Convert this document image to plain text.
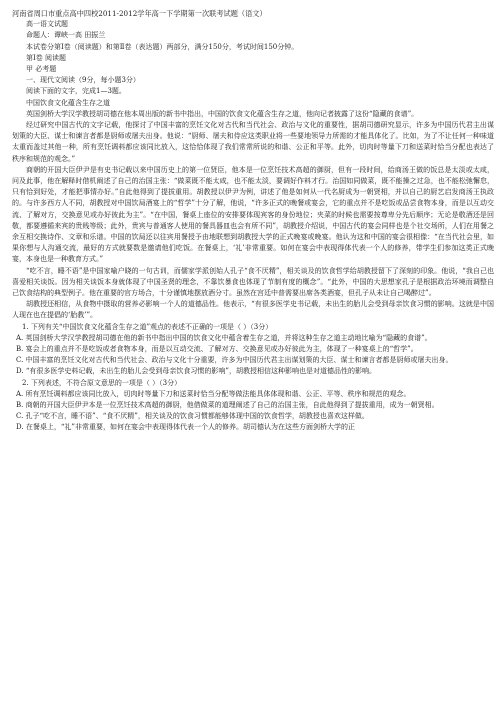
河南省周口市重点高中四校2011-2012学年高一下学期第一次联考试题（语文）
高一语文试题
命题人：谭峡一高 田振兰
本试卷分第Ⅰ卷（阅读题）和第Ⅱ卷（表达题）两部分，满分150分，考试时间150分钟。
第Ⅰ卷 阅读题
甲 必考题
一、现代文阅读（9分，每小题3分）
阅读下面的文字，完成1—3题。
中国饮食文化蕴含生存之道
英国剑桥大学汉学教授胡司德在他本周出版的新书中指出，中国的饮食文化蕴含生存之道，他向记者披露了这份“隐藏的食谱”。
经过研究中国古代的文字记载，他探讨了中国丰富的烹饪文化对古代和当代社会、政治与文化的重要性，据胡司德研究显示，许多为中国历代君主出谋划策的大臣、谋士和谏言者都是厨师或屠夫出身。他说：“厨师、屠夫和侍应这类职业将一些要地领导力所需的才能具体化了。比如，为了不让任何一种味道太重而盖过其他一种，所有烹饪调料都应该同比放入，这恰恰体现了我们常常所说的和谐、公正和平等。此外，切肉时等量下刀和送菜时恰当分配也表达了秩序和规范的观念。”
商朝的开国大臣伊尹是有史书记载以来中国历史上的第一位贤臣，他本是一位烹饪技术高超的御厨，但有一段时间，给商汤王做的饭总是太淡或太咸，问及此事，他在解释时借机阐述了自己的治国主张：“做菜既不能太咸，也不能太淡，要调好作料才行。治国如同做菜，既不能操之过急，也不能松弛懈怠，只有恰到好处，才能把事情办好。”自此他得到了提拔重用。胡教授以伊尹为例，讲述了他是如何从一代名厨成为一朝贤相，并以自己的厨艺启发商汤王执政的。与许多西方人不同，胡教授对中国饮局酒宴上的“哲学”十分了解，他说，“许多正式的晚餐或宴会，它的重点并不是吃饭或品尝食物本身，而是以互动交流、了解对方，交换意见或办好彼此为主”。“在中国，餐桌上座位的安排要体现宾客的身份地位；夹菜的时候也需要按尊卑分先后顺序；无论是敬酒还是回敬，都要遵循来宾的贵贱等级；此外，贵宾与普通客人使用的餐具器皿也会有所不同”，胡教授介绍说，中国古代的宴会同样也是个社交场所，人们在用餐之余互相交换诗作、文章和乐谱。中国的饮局还以往宾用餐授予由地联想到胡教授大学的正式晚宴或晚宴。他认为这和中国的宴会很相像：“在当代社会里，如果你想与人沟通交流，最好的方式就要数是邀请他们吃饭。在餐桌上，‘礼’非常重要。如何在宴会中表现得体代表一个人的修养，带学生们参加这类正式晚宴，本身也是一种教育方式。”
“吃不言，睡不语”是中国家喻户晓的一句古训，而儒家学派创始人孔子“食不厌精”，相关谈及的饮食哲学给胡教授留下了深刻的印象。他说，“我自己也喜爱相关谈饭。因为相关谈饭本身就体现了中国圣贤的理念，不靠饮暴食也体现了节制有度的概念”。“此外，中国的大思想家孔子是根据政治环境而调整自己饮食结构的典型例子。他在重要的官方场合，十分谨慎地摆放酒分寸。虽然在宫廷中普需要出席各类酒宴，但孔子从未让自己喝醉过”。
胡教授还相信，从食物中摄取的营养必影响一个人的道德品性。他表示，“有很多医学史书记载，未出生的胎儿会受到母亲饮食习惯的影响。这就是中国人现在也在提倡的‘胎教’”。
1. 下列有关“中国饮食文化蕴含生存之道”观点的表述不正确的一项是（ ）（3分）
A. 英国剑桥大学汉学教授胡司德在他的新书中指出中国的饮食文化中蕴含着生存之道，并将这种生存之道主动地比喻为“隐藏的食谱”。
B. 宴会上的重点并不是吃饭或者食物本身，而是以互动交流、了解对方、交换意见或办好彼此为主，体现了一种宴桌上的“哲学”。
C. 中国丰富的烹饪文化对古代和当代社会、政治与文化十分重要，许多为中国历代君主出谋划策的大臣、谋士和谏言者都是厨师或屠夫出身。
D. “有很多医学史料记载，未出生的胎儿会受到母亲饮食习惯的影响”，胡教授相信这种影响也是对道德品性的影响。
2. 下列表述，不符合原文意思的一项是（ ）（3分）
A. 所有烹饪调料都应该同比放入，切肉时等量下刀和送菜时恰当分配等做法能具体体现和谐、公正、平等、秩序和规范的观念。
B. 商朝的开国大臣伊尹本是一位烹饪技术高超的御厨，他借做菜的道理阐述了自己的治国主张，自此他得到了提拔重用，成为一朝贤相。
C. 孔子“吃不言，睡不语”、“食不厌精”，相关谈及的饮食习惯都能够体现中国的饮食哲学，胡教授也喜欢这样做。
D. 在餐桌上，“礼”非常重要，如何在宴会中表现得体代表一个人的修养。胡司德认为在这些方面剑桥大学的正
